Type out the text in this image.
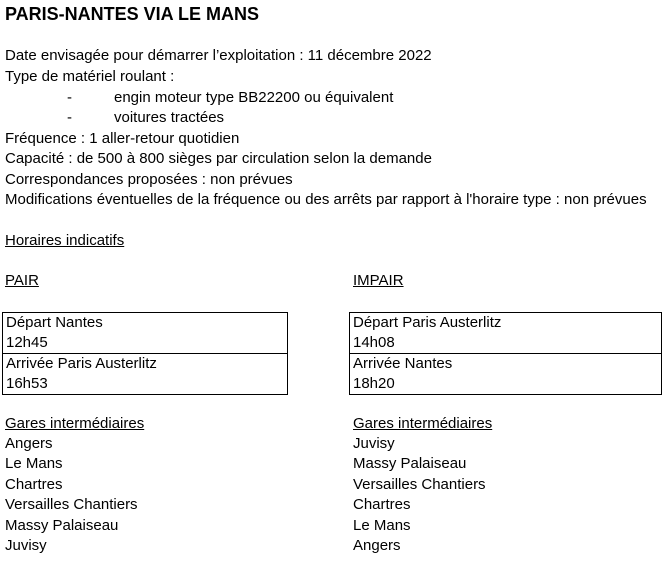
PARIS-NANTES VIA LE MANS
Date envisagée pour démarrer l’exploitation : 11 décembre 2022
Type de matériel roulant :
-	engin moteur type BB22200 ou équivalent
-	voitures tractées
Fréquence : 1 aller-retour quotidien
Capacité : de 500 à 800 sièges par circulation selon la demande
Correspondances proposées : non prévues
Modifications éventuelles de la fréquence ou des arrêts par rapport à l'horaire type : non prévues
Horaires indicatifs
PAIR
Départ Nantes
12h45
Arrivée Paris Austerlitz
16h53
Gares intermédiaires
Angers
Le Mans
Chartres
Versailles Chantiers
Massy Palaiseau
Juvisy
IMPAIR
Départ Paris Austerlitz
14h08
Arrivée Nantes
18h20
Gares intermédiaires
Juvisy
Massy Palaiseau
Versailles Chantiers
Chartres
Le Mans
Angers
